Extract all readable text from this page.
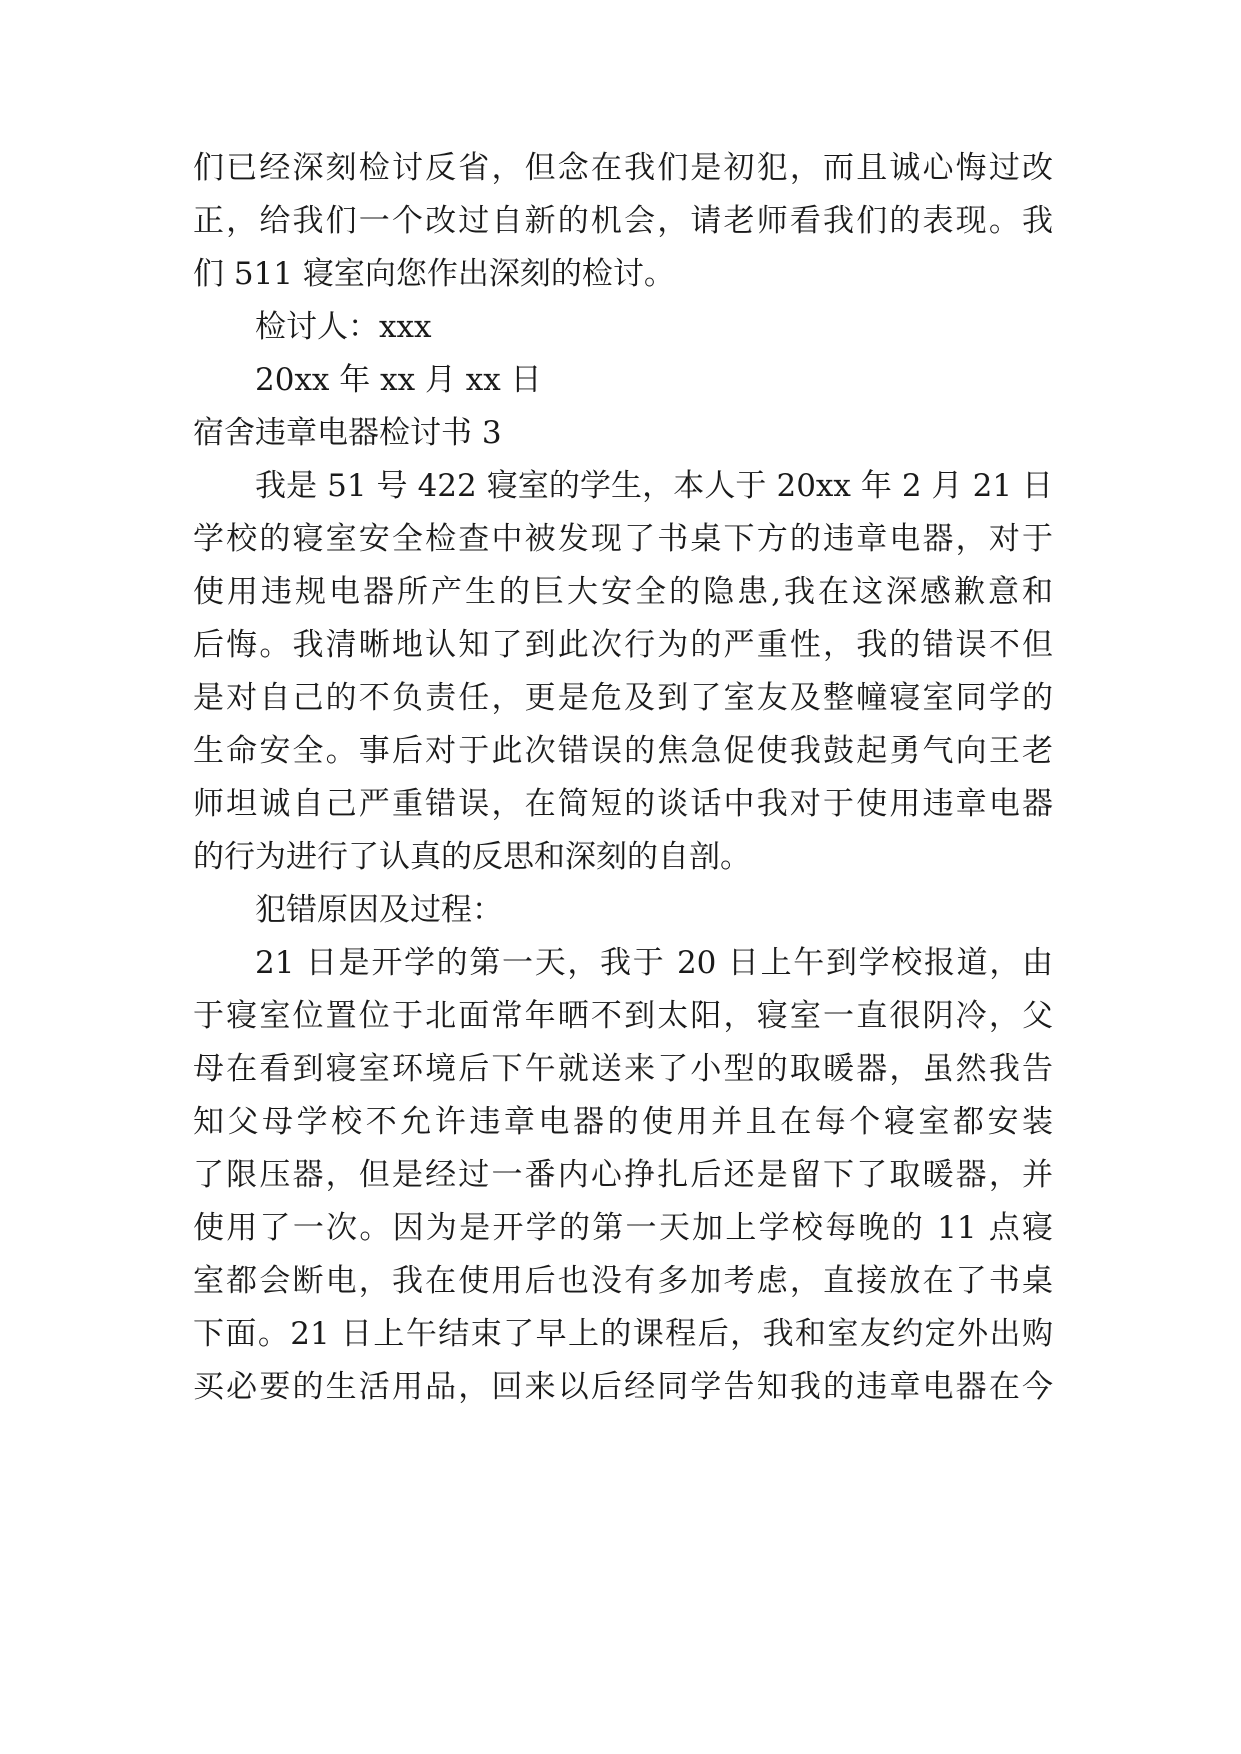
们已经深刻检讨反省，但念在我们是初犯，而且诚心悔过改
正，给我们一个改过自新的机会，请老师看我们的表现。我
们 511 寝室向您作出深刻的检讨。
检讨人：xxx
20xx 年 xx 月 xx 日
宿舍违章电器检讨书 3
我是 51 号 422 寝室的学生，本人于 20xx 年 2 月 21 日
学校的寝室安全检查中被发现了书桌下方的违章电器，对于
使用违规电器所产生的巨大安全的隐患,我在这深感歉意和
后悔。我清晰地认知了到此次行为的严重性，我的错误不但
是对自己的不负责任，更是危及到了室友及整幢寝室同学的
生命安全。事后对于此次错误的焦急促使我鼓起勇气向王老
师坦诚自己严重错误，在简短的谈话中我对于使用违章电器
的行为进行了认真的反思和深刻的自剖。
犯错原因及过程：
21 日是开学的第一天，我于 20 日上午到学校报道，由
于寝室位置位于北面常年晒不到太阳，寝室一直很阴冷，父
母在看到寝室环境后下午就送来了小型的取暖器，虽然我告
知父母学校不允许违章电器的使用并且在每个寝室都安装
了限压器，但是经过一番内心挣扎后还是留下了取暖器，并
使用了一次。因为是开学的第一天加上学校每晚的 11 点寝
室都会断电，我在使用后也没有多加考虑，直接放在了书桌
下面。21 日上午结束了早上的课程后，我和室友约定外出购
买必要的生活用品，回来以后经同学告知我的违章电器在今
